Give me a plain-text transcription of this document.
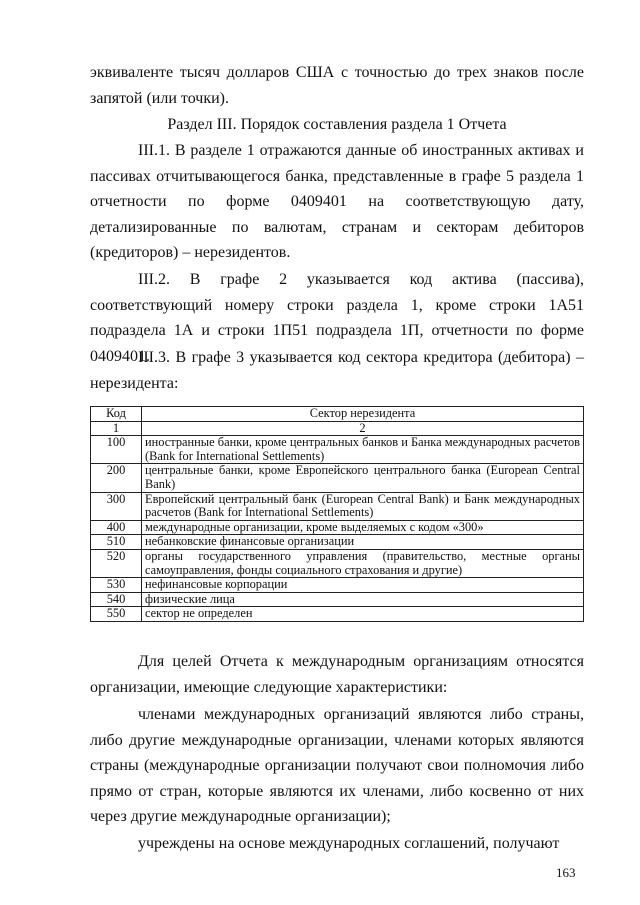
эквиваленте тысяч долларов США с точностью до трех знаков после запятой (или точки).

Раздел III. Порядок составления раздела 1 Отчета

III.1. В разделе 1 отражаются данные об иностранных активах и пассивах отчитывающегося банка, представленные в графе 5 раздела 1 отчетности по форме 0409401 на соответствующую дату, детализированные по валютам, странам и секторам дебиторов (кредиторов) – нерезидентов.

III.2. В графе 2 указывается код актива (пассива), соответствующий номеру строки раздела 1, кроме строки 1А51 подраздела 1А и строки 1П51 подраздела 1П, отчетности по форме 0409401.

III.3. В графе 3 указывается код сектора кредитора (дебитора) – нерезидента:

Код	Сектор нерезидента
1	2
100	иностранные банки, кроме центральных банков и Банка международных расчетов (Bank for International Settlements)
200	центральные банки, кроме Европейского центрального банка (European Central Bank)
300	Европейский центральный банк (European Central Bank) и Банк международных расчетов (Bank for International Settlements)
400	международные организации, кроме выделяемых с кодом «300»
510	небанковские финансовые организации
520	органы государственного управления (правительство, местные органы самоуправления, фонды социального страхования и другие)
530	нефинансовые корпорации
540	физические лица
550	сектор не определен

Для целей Отчета к международным организациям относятся организации, имеющие следующие характеристики:

членами международных организаций являются либо страны, либо другие международные организации, членами которых являются страны (международные организации получают свои полномочия либо прямо от стран, которые являются их членами, либо косвенно от них через другие международные организации);

учреждены на основе международных соглашений, получают

163
